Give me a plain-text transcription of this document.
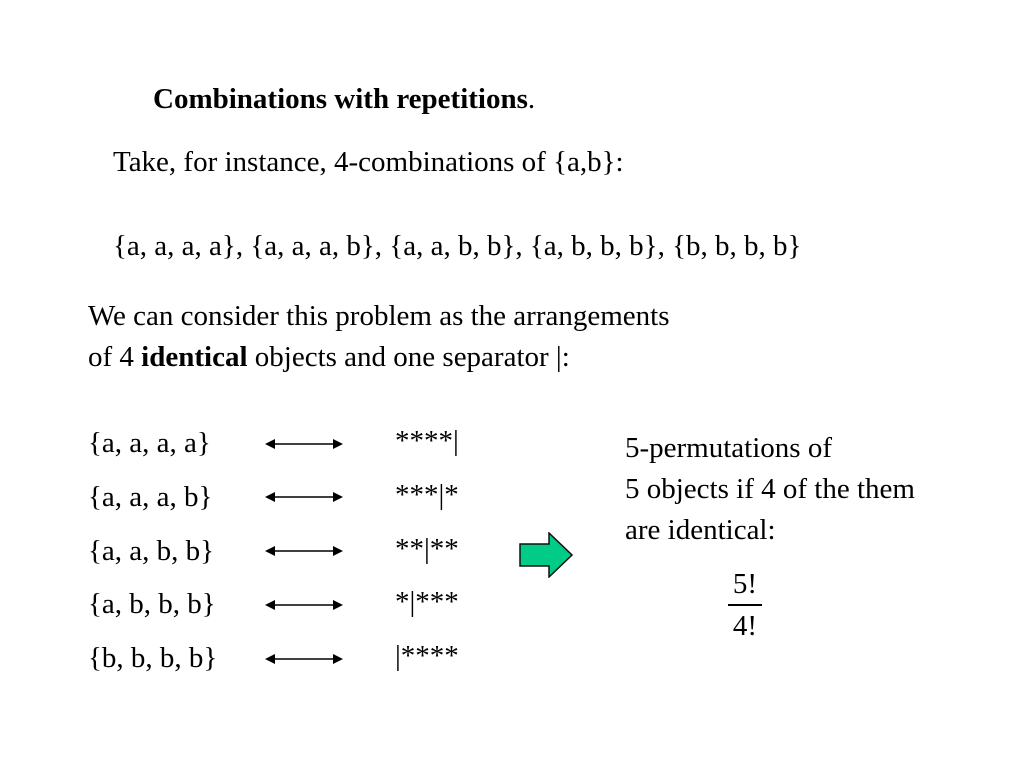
Combinations with repetitions.
Take, for instance, 4-combinations of {a,b}:
{a, a, a, a}, {a, a, a, b}, {a, a, b, b}, {a, b, b, b}, {b, b, b, b}
We can consider this problem as the arrangements
of 4 identical objects and one separator |:
{a, a, a, a}	****|
{a, a, a, b}	***|*
{a, a, b, b}	**|**
{a, b, b, b}	*|***
{b, b, b, b}	|****
5-permutations of
5 objects if 4 of the them
are identical:
5!
4!
